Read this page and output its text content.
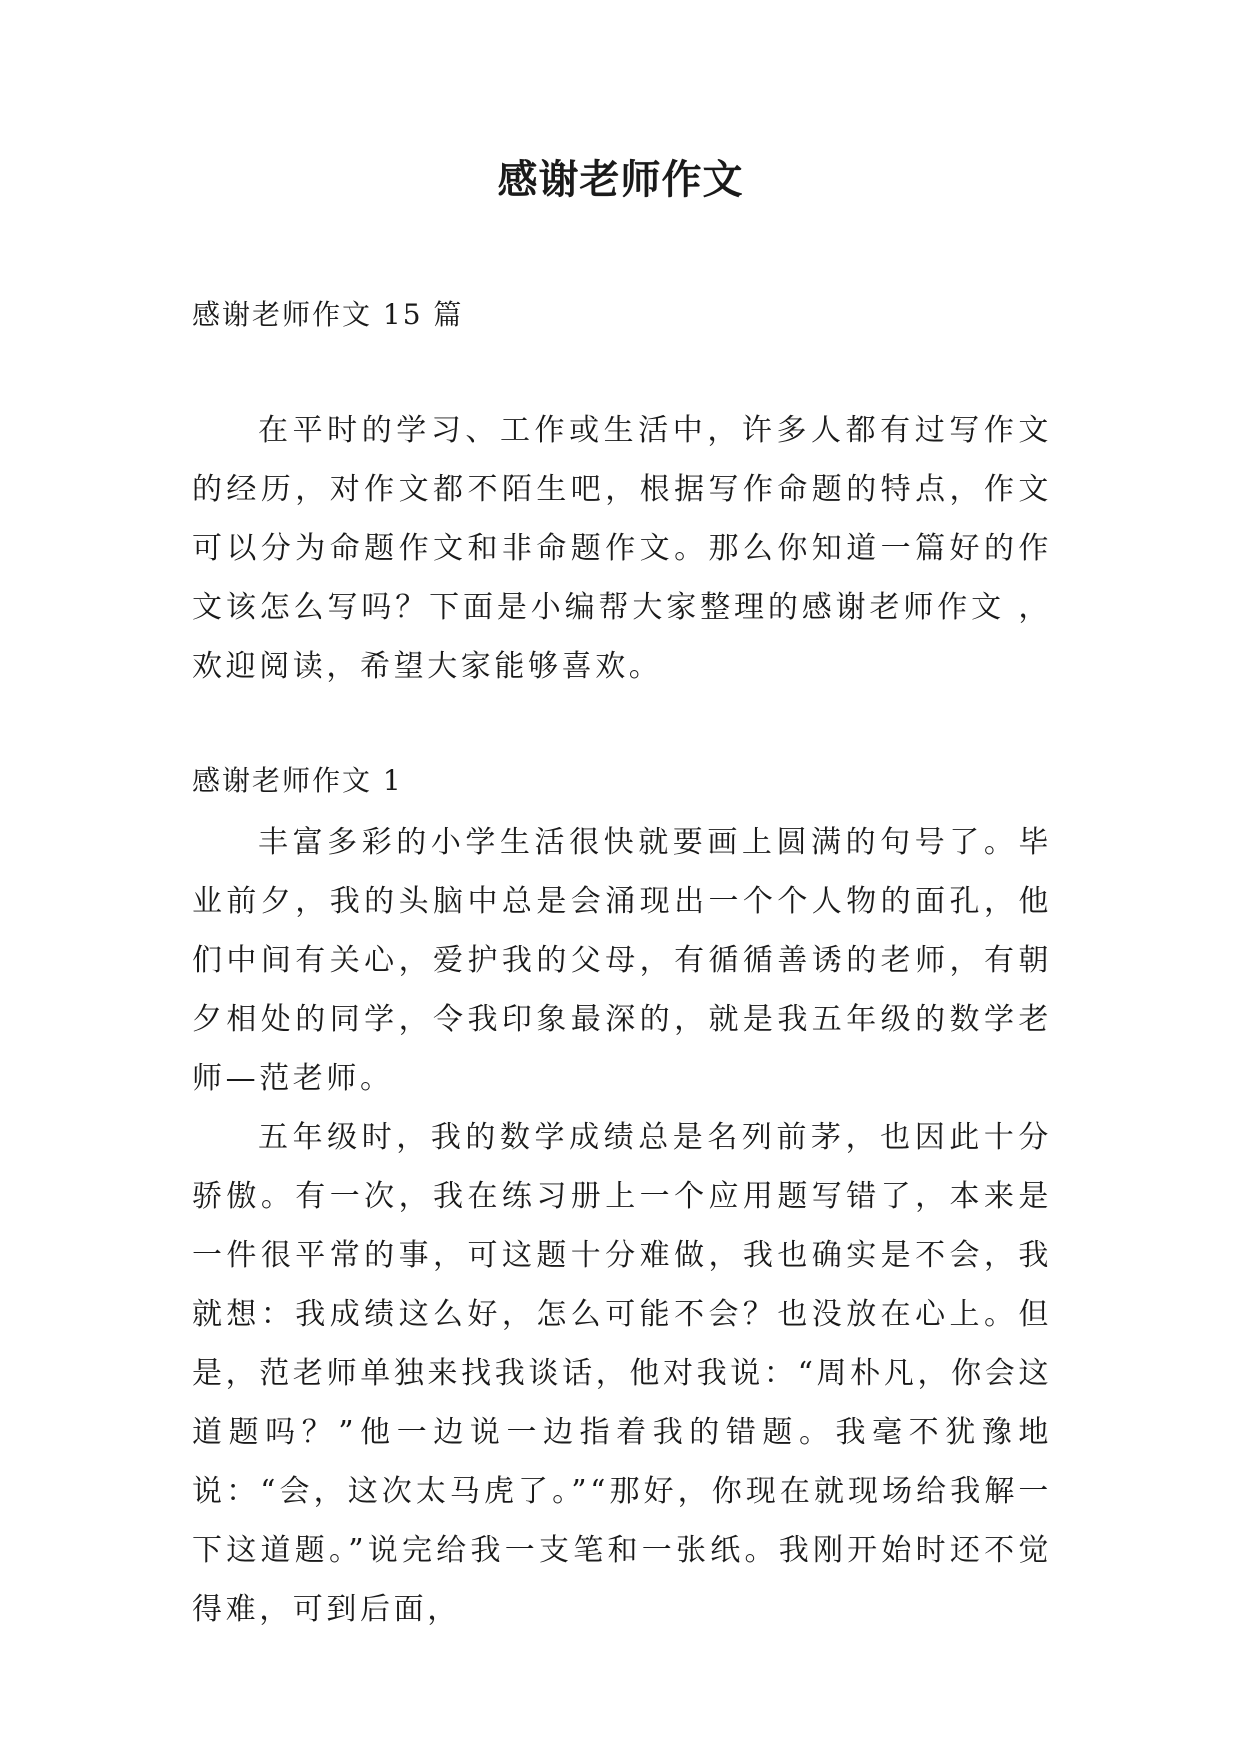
感谢老师作文
感谢老师作文 15 篇

在平时的学习、工作或生活中，许多人都有过写作文的经历，对作文都不陌生吧，根据写作命题的特点，作文可以分为命题作文和非命题作文。那么你知道一篇好的作文该怎么写吗？下面是小编帮大家整理的感谢老师作文 ，欢迎阅读，希望大家能够喜欢。

感谢老师作文 1

丰富多彩的小学生活很快就要画上圆满的句号了。毕业前夕，我的头脑中总是会涌现出一个个人物的面孔，他们中间有关心，爱护我的父母，有循循善诱的老师，有朝夕相处的同学，令我印象最深的，就是我五年级的数学老师—范老师。

五年级时，我的数学成绩总是名列前茅，也因此十分骄傲。有一次，我在练习册上一个应用题写错了，本来是一件很平常的事，可这题十分难做，我也确实是不会，我就想：我成绩这么好，怎么可能不会？也没放在心上。但是，范老师单独来找我谈话，他对我说：“周朴凡，你会这道题吗？”他一边说一边指着我的错题。我毫不犹豫地说：“会，这次太马虎了。”“那好，你现在就现场给我解一下这道题。”说完给我一支笔和一张纸。我刚开始时还不觉得难，可到后面，
